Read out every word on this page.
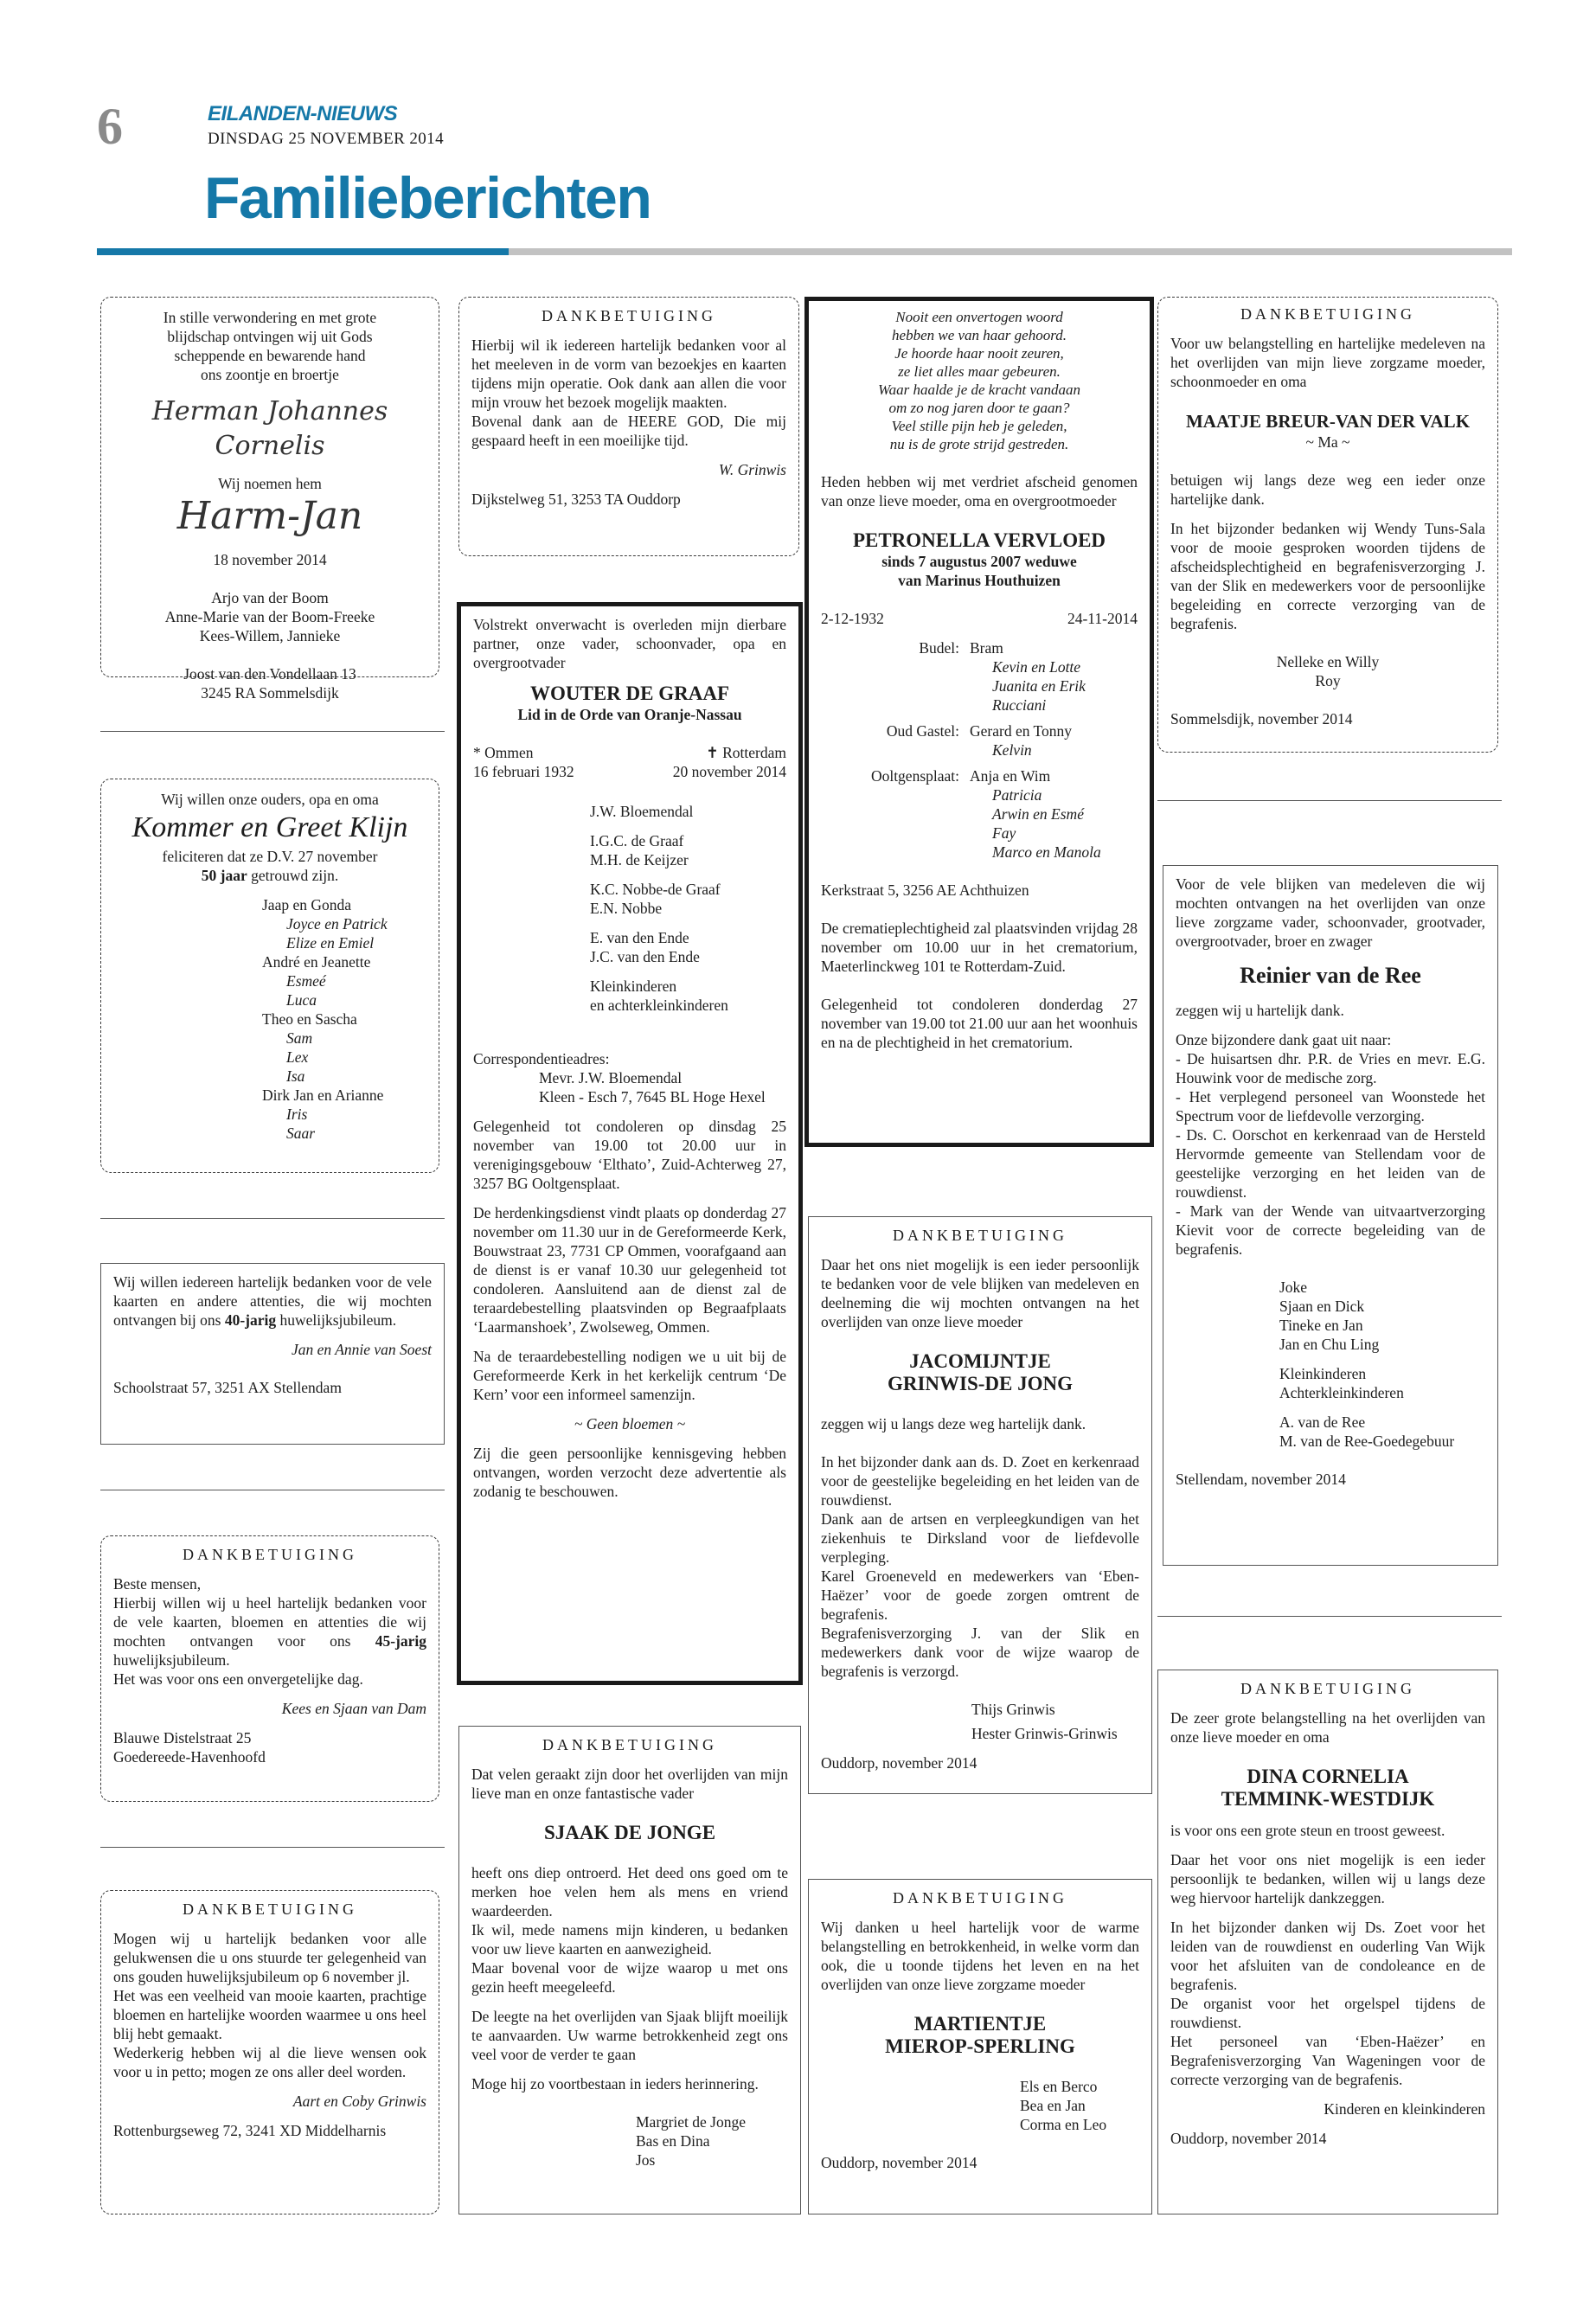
6	EILANDEN-NIEUWS
DINSDAG 25 NOVEMBER 2014
Familieberichten
In stille verwondering en met grote
blijdschap ontvingen wij uit Gods
scheppende en bewarende hand
ons zoontje en broertje
Herman Johannes Cornelis
Wij noemen hem
Harm-Jan
18 november 2014
Arjo van der Boom
Anne-Marie van der Boom-Freeke
Kees-Willem, Jannieke
Joost van den Vondellaan 13
3245 RA Sommelsdijk
Wij willen onze ouders, opa en oma
Kommer en Greet Klijn
feliciteren dat ze D.V. 27 november
50 jaar getrouwd zijn.
Jaap en Gonda
Joyce en Patrick
Elize en Emiel
André en Jeanette
Esmeé
Luca
Theo en Sascha
Sam
Lex
Isa
Dirk Jan en Arianne
Iris
Saar
Wij willen iedereen hartelijk bedanken voor de vele kaarten en andere attenties, die wij mochten ontvangen bij ons 40-jarig huwelijksjubileum.
Jan en Annie van Soest
Schoolstraat 57, 3251 AX Stellendam
DANKBETUIGING
Beste mensen,
Hierbij willen wij u heel hartelijk bedanken voor de vele kaarten, bloemen en attenties die wij mochten ontvangen voor ons 45-jarig huwelijksjubileum.
Het was voor ons een onvergetelijke dag.
Kees en Sjaan van Dam
Blauwe Distelstraat 25
Goedereede-Havenhoofd
DANKBETUIGING
Mogen wij u hartelijk bedanken voor alle gelukwensen die u ons stuurde ter gelegenheid van ons gouden huwelijksjubileum op 6 november jl.
Het was een veelheid van mooie kaarten, prachtige bloemen en hartelijke woorden waarmee u ons heel blij hebt gemaakt.
Wederkerig hebben wij al die lieve wensen ook voor u in petto; mogen ze ons aller deel worden.
Aart en Coby Grinwis
Rottenburgseweg 72, 3241 XD Middelharnis
DANKBETUIGING
Hierbij wil ik iedereen hartelijk bedanken voor al het meeleven in de vorm van bezoekjes en kaarten tijdens mijn operatie. Ook dank aan allen die voor mijn vrouw het bezoek mogelijk maakten.
Bovenal dank aan de HEERE GOD, Die mij gespaard heeft in een moeilijke tijd.
W. Grinwis
Dijkstelweg 51, 3253 TA Ouddorp
Volstrekt onverwacht is overleden mijn dierbare partner, onze vader, schoonvader, opa en overgrootvader
WOUTER DE GRAAF
Lid in de Orde van Oranje-Nassau
* Ommen	✝ Rotterdam
16 februari 1932	20 november 2014
J.W. Bloemendal
I.G.C. de Graaf
M.H. de Keijzer
K.C. Nobbe-de Graaf
E.N. Nobbe
E. van den Ende
J.C. van den Ende
Kleinkinderen
en achterkleinkinderen
Correspondentieadres:
Mevr. J.W. Bloemendal
Kleen - Esch 7, 7645 BL Hoge Hexel
Gelegenheid tot condoleren op dinsdag 25 november van 19.00 tot 20.00 uur in verenigingsgebouw ‘Elthato’, Zuid-Achterweg 27, 3257 BG Ooltgensplaat.
De herdenkingsdienst vindt plaats op donderdag 27 november om 11.30 uur in de Gereformeerde Kerk, Bouwstraat 23, 7731 CP Ommen, voorafgaand aan de dienst is er vanaf 10.30 uur gelegenheid tot condoleren. Aansluitend aan de dienst zal de teraardebestelling plaatsvinden op Begraafplaats ‘Laarmanshoek’, Zwolseweg, Ommen.
Na de teraardebestelling nodigen we u uit bij de Gereformeerde Kerk in het kerkelijk centrum ‘De Kern’ voor een informeel samenzijn.
~ Geen bloemen ~
Zij die geen persoonlijke kennisgeving hebben ontvangen, worden verzocht deze advertentie als zodanig te beschouwen.
DANKBETUIGING
Dat velen geraakt zijn door het overlijden van mijn lieve man en onze fantastische vader
SJAAK DE JONGE
heeft ons diep ontroerd. Het deed ons goed om te merken hoe velen hem als mens en vriend waardeerden.
Ik wil, mede namens mijn kinderen, u bedanken voor uw lieve kaarten en aanwezigheid.
Maar bovenal voor de wijze waarop u met ons gezin heeft meegeleefd.
De leegte na het overlijden van Sjaak blijft moeilijk te aanvaarden. Uw warme betrokkenheid zegt ons veel voor de verder te gaan
Moge hij zo voortbestaan in ieders herinnering.
Margriet de Jonge
Bas en Dina
Jos
Nooit een onvertogen woord
hebben we van haar gehoord.
Je hoorde haar nooit zeuren,
ze liet alles maar gebeuren.
Waar haalde je de kracht vandaan
om zo nog jaren door te gaan?
Veel stille pijn heb je geleden,
nu is de grote strijd gestreden.
Heden hebben wij met verdriet afscheid genomen van onze lieve moeder, oma en overgrootmoeder
PETRONELLA VERVLOED
sinds 7 augustus 2007 weduwe
van Marinus Houthuizen
2-12-1932	24-11-2014
Budel: Bram
Kevin en Lotte
Juanita en Erik
Rucciani
Oud Gastel: Gerard en Tonny
Kelvin
Ooltgensplaat: Anja en Wim
Patricia
Arwin en Esmé
Fay
Marco en Manola
Kerkstraat 5, 3256 AE Achthuizen
De crematieplechtigheid zal plaatsvinden vrijdag 28 november om 10.00 uur in het crematorium, Maeterlinckweg 101 te Rotterdam-Zuid.
Gelegenheid tot condoleren donderdag 27 november van 19.00 tot 21.00 uur aan het woonhuis en na de plechtigheid in het crematorium.
DANKBETUIGING
Daar het ons niet mogelijk is een ieder persoonlijk te bedanken voor de vele blijken van medeleven en deelneming die wij mochten ontvangen na het overlijden van onze lieve moeder
JACOMIJNTJE
GRINWIS-DE JONG
zeggen wij u langs deze weg hartelijk dank.
In het bijzonder dank aan ds. D. Zoet en kerkenraad voor de geestelijke begeleiding en het leiden van de rouwdienst.
Dank aan de artsen en verpleegkundigen van het ziekenhuis te Dirksland voor de liefdevolle verpleging.
Karel Groeneveld en medewerkers van ‘Eben-Haëzer’ voor de goede zorgen omtrent de begrafenis.
Begrafenisverzorging J. van der Slik en medewerkers dank voor de wijze waarop de begrafenis is verzorgd.
Thijs Grinwis
Hester Grinwis-Grinwis
Ouddorp, november 2014
DANKBETUIGING
Wij danken u heel hartelijk voor de warme belangstelling en betrokkenheid, in welke vorm dan ook, die u toonde tijdens het leven en na het overlijden van onze lieve zorgzame moeder
MARTIENTJE
MIEROP-SPERLING
Els en Berco
Bea en Jan
Corma en Leo
Ouddorp, november 2014
DANKBETUIGING
Voor uw belangstelling en hartelijke medeleven na het overlijden van mijn lieve zorgzame moeder, schoonmoeder en oma
MAATJE BREUR-VAN DER VALK
~ Ma ~
betuigen wij langs deze weg een ieder onze hartelijke dank.
In het bijzonder bedanken wij Wendy Tuns-Sala voor de mooie gesproken woorden tijdens de afscheidsplechtigheid en begrafenisverzorging J. van der Slik en medewerkers voor de persoonlijke begeleiding en correcte verzorging van de begrafenis.
Nelleke en Willy
Roy
Sommelsdijk, november 2014
Voor de vele blijken van medeleven die wij mochten ontvangen na het overlijden van onze lieve zorgzame vader, schoonvader, grootvader, overgrootvader, broer en zwager
Reinier van de Ree
zeggen wij u hartelijk dank.
Onze bijzondere dank gaat uit naar:
- De huisartsen dhr. P.R. de Vries en mevr. E.G. Houwink voor de medische zorg.
- Het verplegend personeel van Woonstede het Spectrum voor de liefdevolle verzorging.
- Ds. C. Oorschot en kerkenraad van de Hersteld Hervormde gemeente van Stellendam voor de geestelijke verzorging en het leiden van de rouwdienst.
- Mark van der Wende van uitvaartverzorging Kievit voor de correcte begeleiding van de begrafenis.
Joke
Sjaan en Dick
Tineke en Jan
Jan en Chu Ling
Kleinkinderen
Achterkleinkinderen
A. van de Ree
M. van de Ree-Goedegebuur
Stellendam, november 2014
DANKBETUIGING
De zeer grote belangstelling na het overlijden van onze lieve moeder en oma
DINA CORNELIA
TEMMINK-WESTDIJK
is voor ons een grote steun en troost geweest.
Daar het voor ons niet mogelijk is een ieder persoonlijk te bedanken, willen wij u langs deze weg hiervoor hartelijk dankzeggen.
In het bijzonder danken wij Ds. Zoet voor het leiden van de rouwdienst en ouderling Van Wijk voor het afsluiten van de condoleance en de begrafenis.
De organist voor het orgelspel tijdens de rouwdienst.
Het personeel van ‘Eben-Haëzer’ en Begrafenisverzorging Van Wageningen voor de correcte verzorging van de begrafenis.
Kinderen en kleinkinderen
Ouddorp, november 2014
